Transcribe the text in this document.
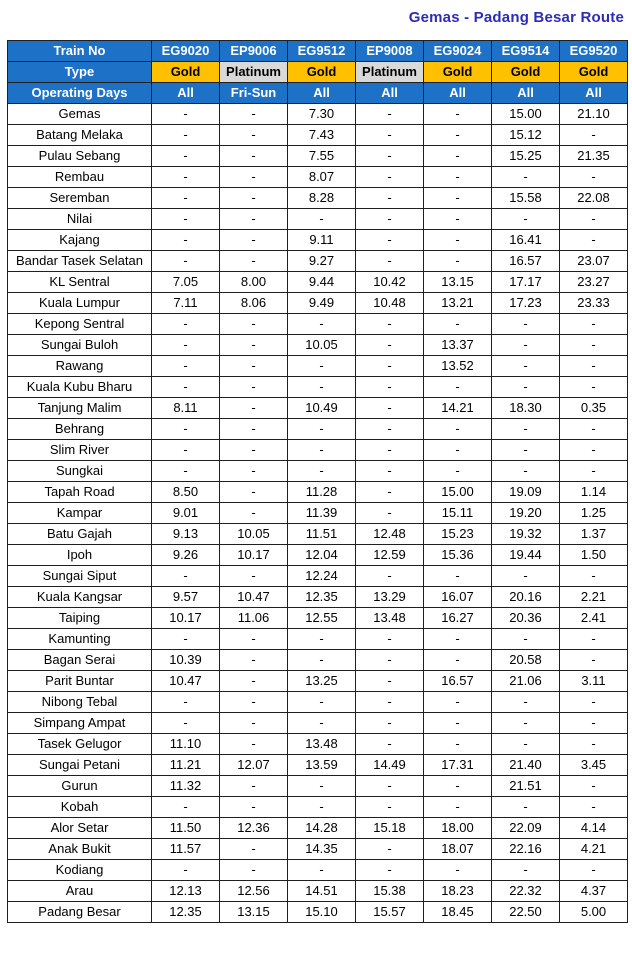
Gemas - Padang Besar Route
Train No	EG9020	EP9006	EG9512	EP9008	EG9024	EG9514	EG9520
Type	Gold	Platinum	Gold	Platinum	Gold	Gold	Gold
Operating Days	All	Fri-Sun	All	All	All	All	All
Gemas	-	-	7.30	-	-	15.00	21.10
Batang Melaka	-	-	7.43	-	-	15.12	-
Pulau Sebang	-	-	7.55	-	-	15.25	21.35
Rembau	-	-	8.07	-	-	-	-
Seremban	-	-	8.28	-	-	15.58	22.08
Nilai	-	-	-	-	-	-	-
Kajang	-	-	9.11	-	-	16.41	-
Bandar Tasek Selatan	-	-	9.27	-	-	16.57	23.07
KL Sentral	7.05	8.00	9.44	10.42	13.15	17.17	23.27
Kuala Lumpur	7.11	8.06	9.49	10.48	13.21	17.23	23.33
Kepong Sentral	-	-	-	-	-	-	-
Sungai Buloh	-	-	10.05	-	13.37	-	-
Rawang	-	-	-	-	13.52	-	-
Kuala Kubu Bharu	-	-	-	-	-	-	-
Tanjung Malim	8.11	-	10.49	-	14.21	18.30	0.35
Behrang	-	-	-	-	-	-	-
Slim River	-	-	-	-	-	-	-
Sungkai	-	-	-	-	-	-	-
Tapah Road	8.50	-	11.28	-	15.00	19.09	1.14
Kampar	9.01	-	11.39	-	15.11	19.20	1.25
Batu Gajah	9.13	10.05	11.51	12.48	15.23	19.32	1.37
Ipoh	9.26	10.17	12.04	12.59	15.36	19.44	1.50
Sungai Siput	-	-	12.24	-	-	-	-
Kuala Kangsar	9.57	10.47	12.35	13.29	16.07	20.16	2.21
Taiping	10.17	11.06	12.55	13.48	16.27	20.36	2.41
Kamunting	-	-	-	-	-	-	-
Bagan Serai	10.39	-	-	-	-	20.58	-
Parit Buntar	10.47	-	13.25	-	16.57	21.06	3.11
Nibong Tebal	-	-	-	-	-	-	-
Simpang Ampat	-	-	-	-	-	-	-
Tasek Gelugor	11.10	-	13.48	-	-	-	-
Sungai Petani	11.21	12.07	13.59	14.49	17.31	21.40	3.45
Gurun	11.32	-	-	-	-	21.51	-
Kobah	-	-	-	-	-	-	-
Alor Setar	11.50	12.36	14.28	15.18	18.00	22.09	4.14
Anak Bukit	11.57	-	14.35	-	18.07	22.16	4.21
Kodiang	-	-	-	-	-	-	-
Arau	12.13	12.56	14.51	15.38	18.23	22.32	4.37
Padang Besar	12.35	13.15	15.10	15.57	18.45	22.50	5.00
